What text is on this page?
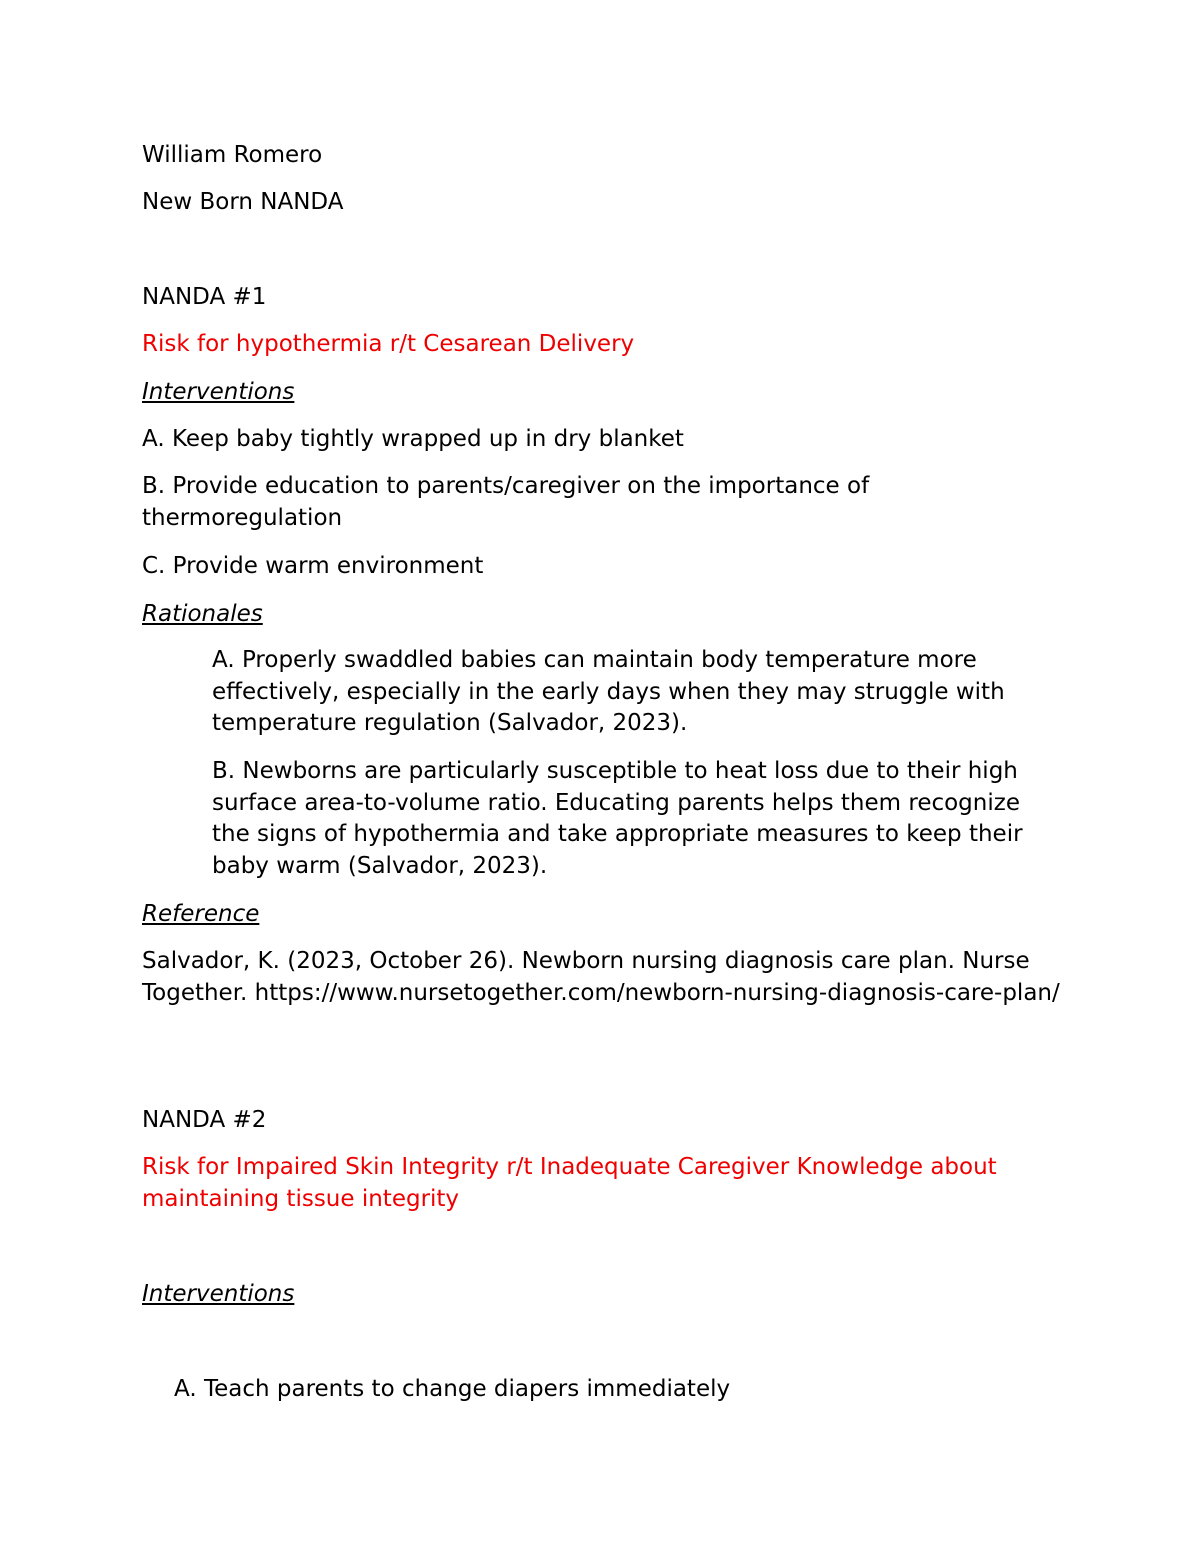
William Romero
New Born NANDA
NANDA #1
Risk for hypothermia r/t Cesarean Delivery
Interventions
A. Keep baby tightly wrapped up in dry blanket
B. Provide education to parents/caregiver on the importance of thermoregulation
C. Provide warm environment
Rationales
A. Properly swaddled babies can maintain body temperature more effectively, especially in the early days when they may struggle with temperature regulation (Salvador, 2023).
B. Newborns are particularly susceptible to heat loss due to their high surface area-to-volume ratio. Educating parents helps them recognize the signs of hypothermia and take appropriate measures to keep their baby warm (Salvador, 2023).
Reference
Salvador, K. (2023, October 26). Newborn nursing diagnosis care plan. Nurse Together. https://www.nursetogether.com/newborn-nursing-diagnosis-care-plan/
NANDA #2
Risk for Impaired Skin Integrity r/t Inadequate Caregiver Knowledge about maintaining tissue integrity
Interventions
A. Teach parents to change diapers immediately
